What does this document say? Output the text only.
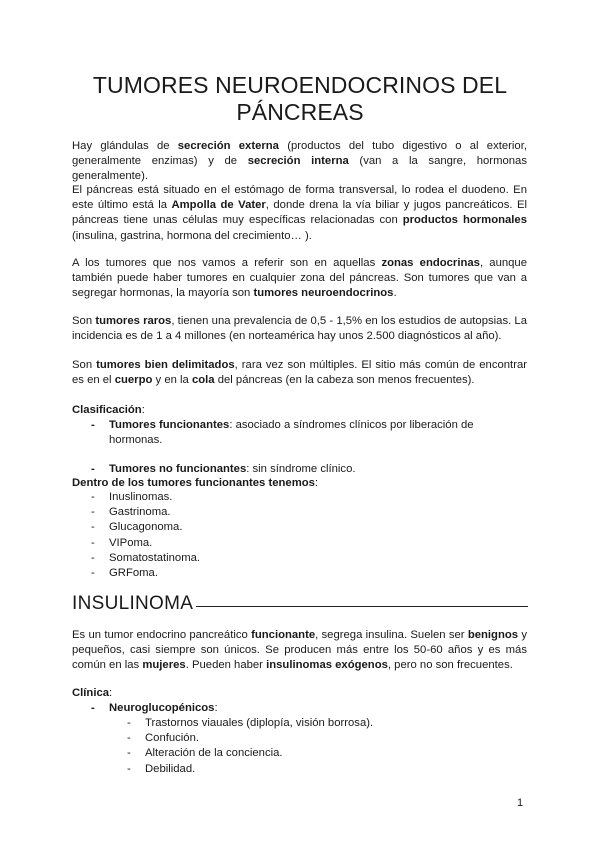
TUMORES NEUROENDOCRINOS DEL PÁNCREAS

Hay glándulas de secreción externa (productos del tubo digestivo o al exterior, generalmente enzimas) y de secreción interna (van a la sangre, hormonas generalmente).

El páncreas está situado en el estómago de forma transversal, lo rodea el duodeno. En este último está la Ampolla de Vater, donde drena la vía biliar y jugos pancreáticos. El páncreas tiene unas células muy específicas relacionadas con productos hormonales (insulina, gastrina, hormona del crecimiento… ).

A los tumores que nos vamos a referir son en aquellas zonas endocrinas, aunque también puede haber tumores en cualquier zona del páncreas. Son tumores que van a segregar hormonas, la mayoría son tumores neuroendocrinos.

Son tumores raros, tienen una prevalencia de 0,5 - 1,5% en los estudios de autopsias. La incidencia es de 1 a 4 millones (en norteamérica hay unos 2.500 diagnósticos al año).

Son tumores bien delimitados, rara vez son múltiples. El sitio más común de encontrar es en el cuerpo y en la cola del páncreas (en la cabeza son menos frecuentes).

Clasificación:

- Tumores funcionantes: asociado a síndromes clínicos por liberación de hormonas.
- Tumores no funcionantes: sin síndrome clínico.

Dentro de los tumores funcionantes tenemos:

- Inuslinomas.
- Gastrinoma.
- Glucagonoma.
- VIPoma.
- Somatostatinoma.
- GRFoma.
INSULINOMA

Es un tumor endocrino pancreático funcionante, segrega insulina. Suelen ser benignos y pequeños, casi siempre son únicos. Se producen más entre los 50-60 años y es más común en las mujeres. Pueden haber insulinomas exógenos, pero no son frecuentes.

Clínica:

- Neuroglucopénicos:
- Trastornos viauales (diplopía, visión borrosa).
- Confución.
- Alteración de la conciencia.
- Debilidad.
1
